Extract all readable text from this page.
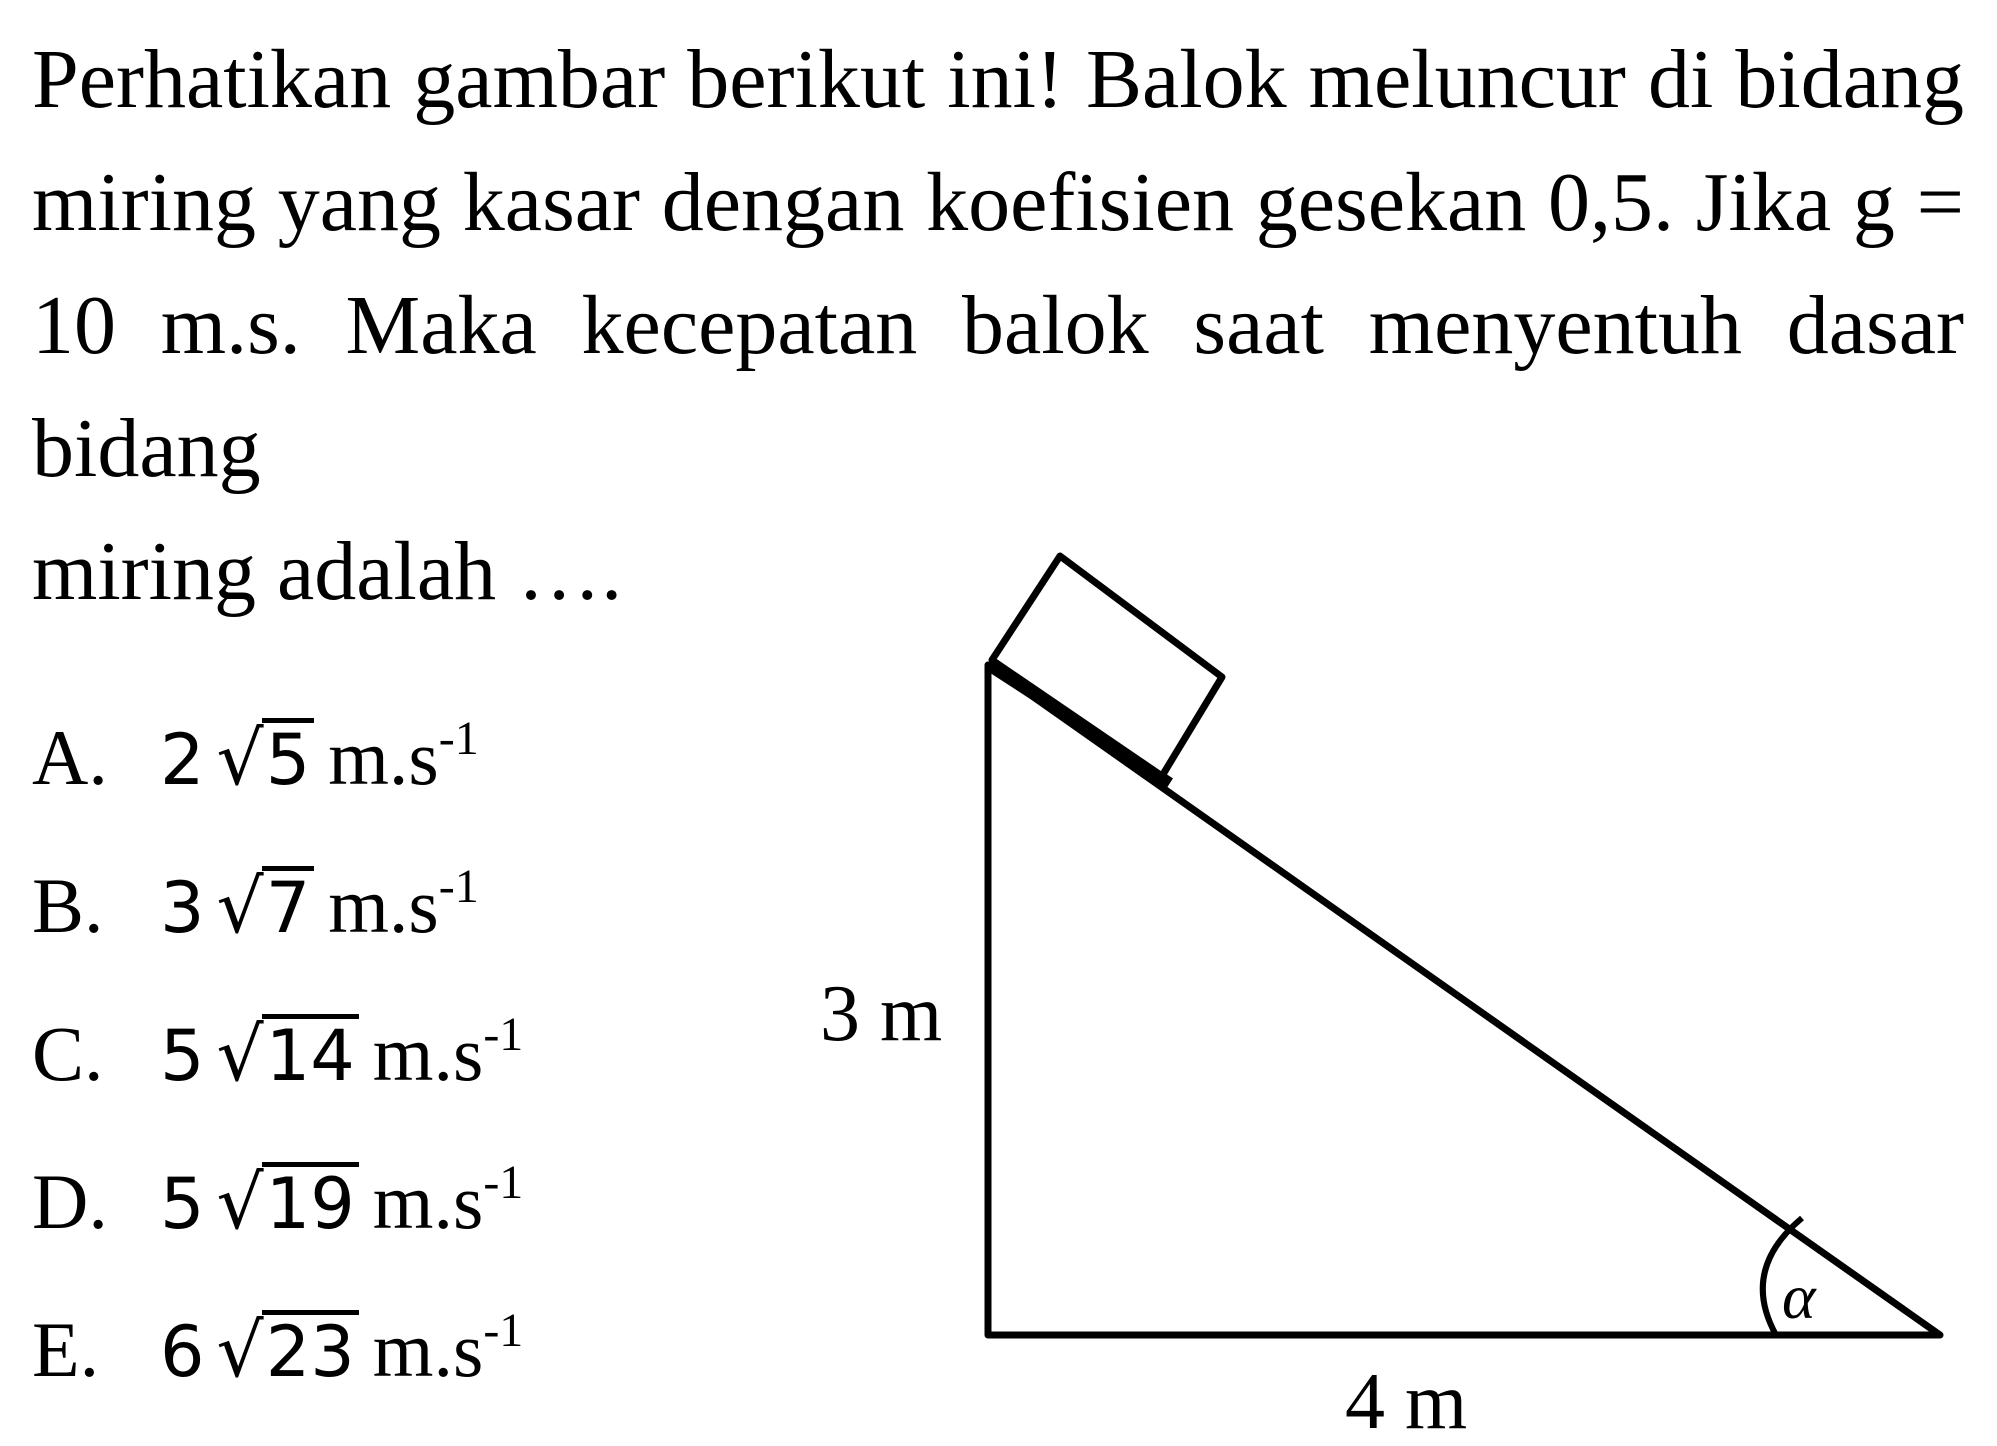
Perhatikan gambar berikut ini! Balok meluncur di bidang miring yang kasar dengan koefisien gesekan 0,5. Jika g = 10 m.s. Maka kecepatan balok saat menyentuh dasar bidang
miring adalah ….

A. 2 √5 $m.s^{-1}$
B. 3 √7 $m.s^{-1}$
C. 5 √14 $m.s^{-1}$
D. 5 √19 $m.s^{-1}$
E. 6 √23 $m.s^{-1}$
3 m
4 m
α
